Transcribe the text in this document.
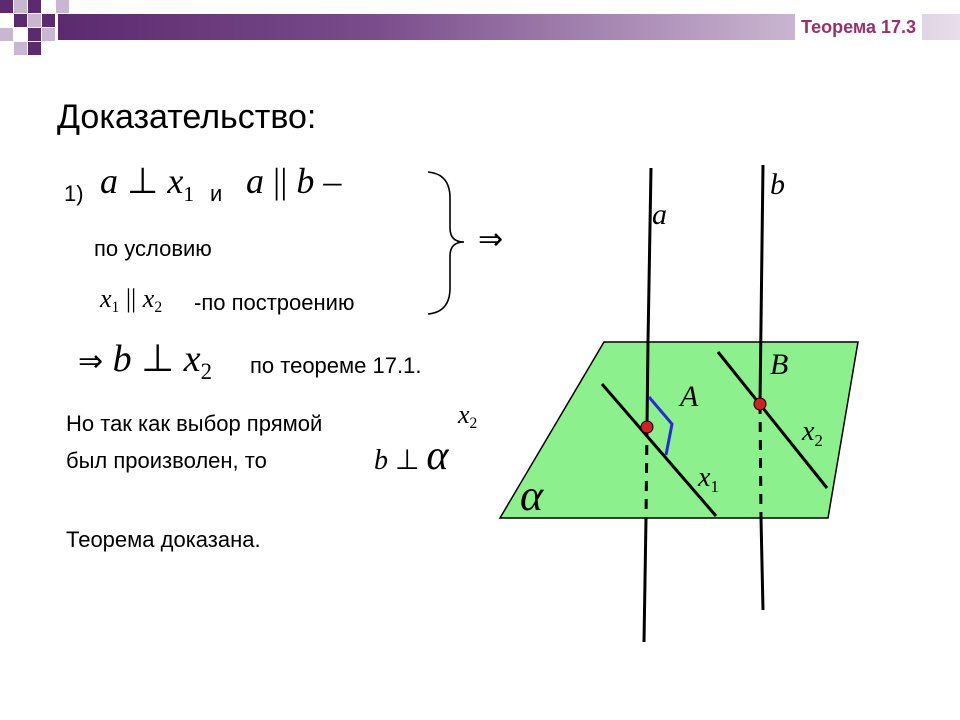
Теорема 17.3
Доказательство:
1) a ⊥ $x_1$ и a || b –
по условию
$x_1$ || $x_2$ -по построению
⇒
⇒ b ⊥ $x_2$ по теореме 17.1.
Но так как выбор прямой	$x_2$
был произволен, то	b ⊥ α
Теорема доказана.
b
a
B
A
$x_2$
$x_1$
α
